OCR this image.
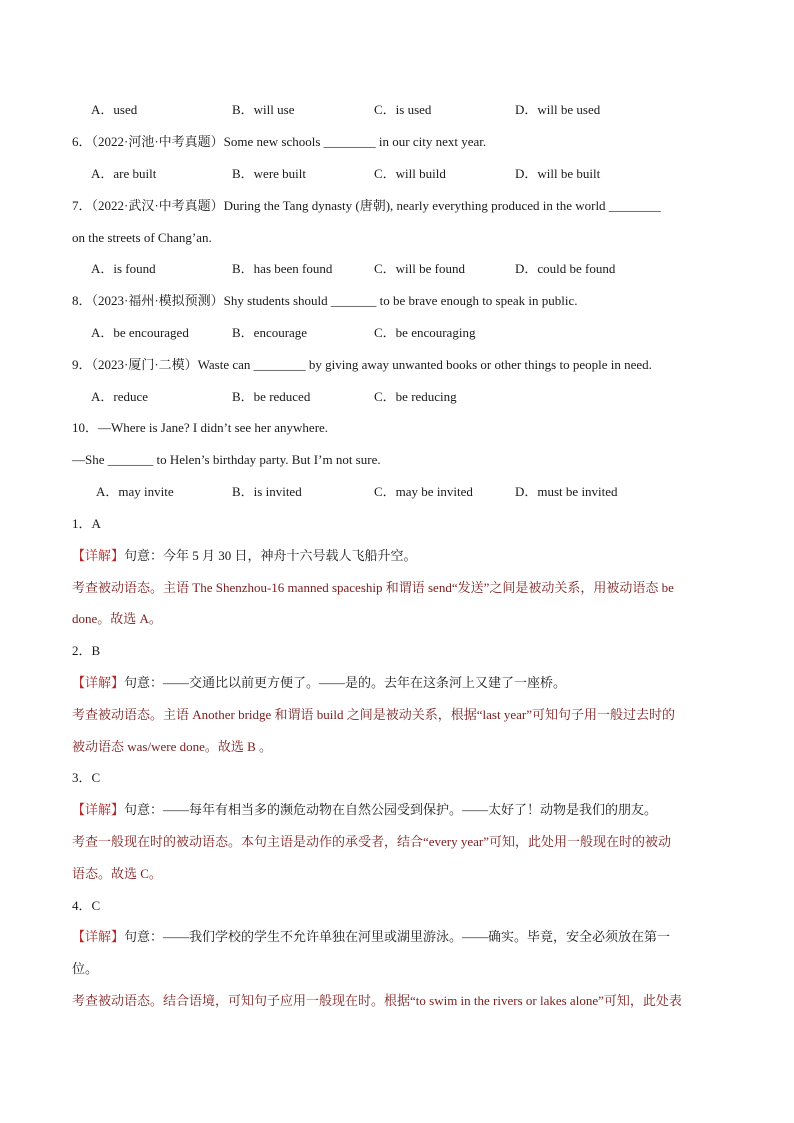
A．used	B．will use	C．is used	D．will be used
6．（2022·河池·中考真题）Some new schools ________ in our city next year.
A．are built	B．were built	C．will build	D．will be built
7．（2022·武汉·中考真题）During the Tang dynasty (唐朝), nearly everything produced in the world ________
on the streets of Chang’an.
A．is found	B．has been found	C．will be found	D．could be found
8．（2023·福州·模拟预测）Shy students should _______ to be brave enough to speak in public.
A．be encouraged	B．encourage	C．be encouraging
9．（2023·厦门·二模）Waste can ________ by giving away unwanted books or other things to people in need.
A．reduce	B．be reduced	C．be reducing
10．—Where is Jane? I didn’t see her anywhere.
—She _______ to Helen’s birthday party. But I’m not sure.
A．may invite	B．is invited	C．may be invited	D．must be invited
1．A
【详解】句意：今年 5 月 30 日，神舟十六号载人飞船升空。
考查被动语态。主语 The Shenzhou-16 manned spaceship 和谓语 send“发送”之间是被动关系，用被动语态 be
done。故选 A。
2．B
【详解】句意：——交通比以前更方便了。——是的。去年在这条河上又建了一座桥。
考查被动语态。主语 Another bridge 和谓语 build 之间是被动关系，根据“last year”可知句子用一般过去时的
被动语态 was/were done。故选 B 。
3．C
【详解】句意：——每年有相当多的濒危动物在自然公园受到保护。——太好了！动物是我们的朋友。
考查一般现在时的被动语态。本句主语是动作的承受者，结合“every year”可知，此处用一般现在时的被动
语态。故选 C。
4．C
【详解】句意：——我们学校的学生不允许单独在河里或湖里游泳。——确实。毕竟，安全必须放在第一
位。
考查被动语态。结合语境，可知句子应用一般现在时。根据“to swim in the rivers or lakes alone”可知，此处表
